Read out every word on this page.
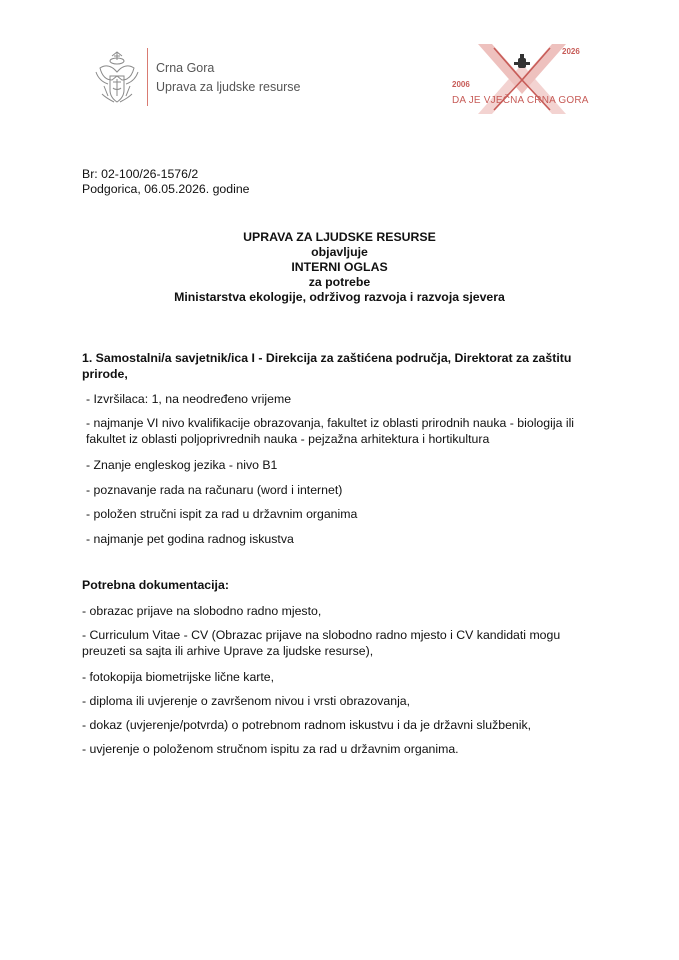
Crna Gora
Uprava za ljudske resurse	2006
2026
DA JE VJEČNA CRNA GORA
Br: 02-100/26-1576/2
Podgorica, 06.05.2026. godine
UPRAVA ZA LJUDSKE RESURSE
objavljuje
INTERNI OGLAS
za potrebe
Ministarstva ekologije, održivog razvoja i razvoja sjevera
1. Samostalni/a savjetnik/ica I - Direkcija za zaštićena područja, Direktorat za zaštitu prirode,
- Izvršilaca: 1, na neodređeno vrijeme
- najmanje VI nivo kvalifikacije obrazovanja, fakultet iz oblasti prirodnih nauka - biologija ili fakultet iz oblasti poljoprivrednih nauka - pejzažna arhitektura i hortikultura
- Znanje engleskog jezika - nivo B1
- poznavanje rada na računaru (word i internet)
- položen stručni ispit za rad u državnim organima
- najmanje pet godina radnog iskustva
Potrebna dokumentacija:
- obrazac prijave na slobodno radno mjesto,
- Curriculum Vitae - CV (Obrazac prijave na slobodno radno mjesto i CV kandidati mogu preuzeti sa sajta ili arhive Uprave za ljudske resurse),
- fotokopija biometrijske lične karte,
- diploma ili uvjerenje o završenom nivou i vrsti obrazovanja,
- dokaz (uvjerenje/potvrda) o potrebnom radnom iskustvu i da je državni službenik,
- uvjerenje o položenom stručnom ispitu za rad u državnim organima.
